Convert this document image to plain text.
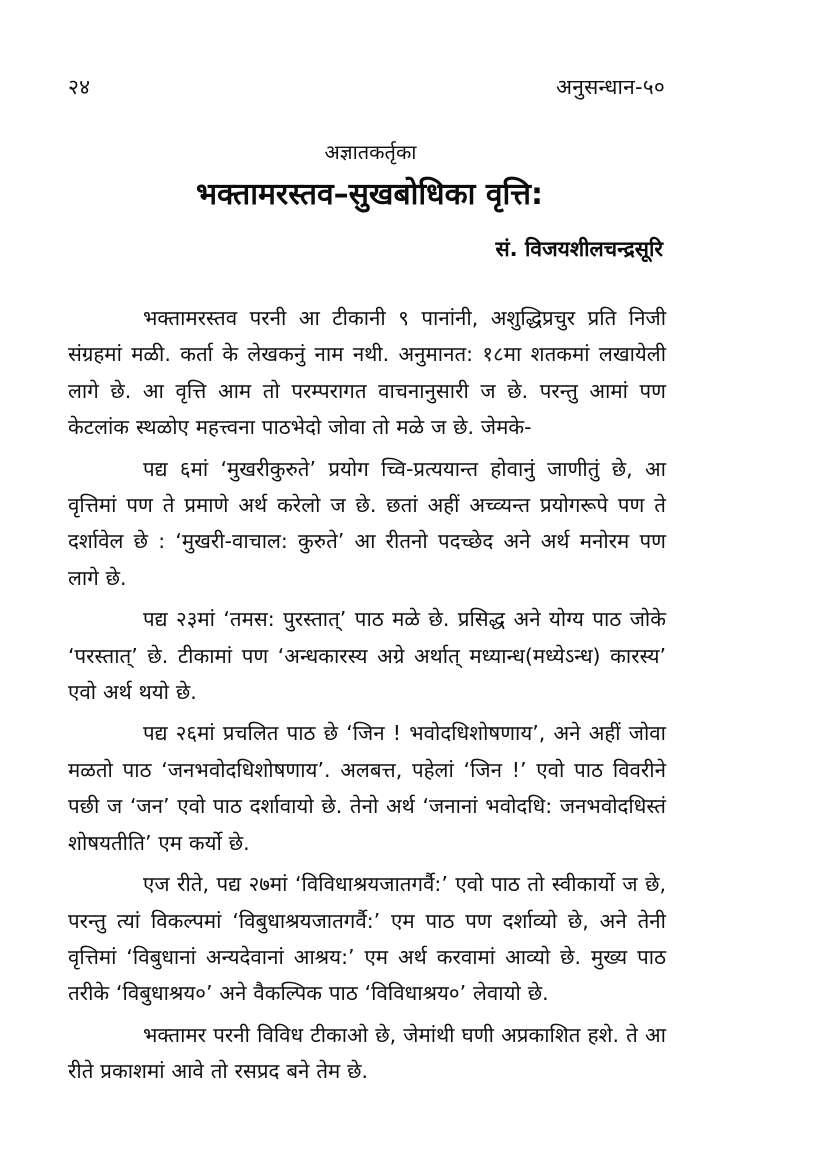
२४	अनुसन्धान-५०
अज्ञातकर्तृका
भक्तामरस्तव–सुखबोधिका वृत्ति:
सं. विजयशीलचन्द्रसूरि

भक्तामरस्तव परनी आ टीकानी ९ पानांनी, अशुद्धिप्रचुर प्रति निजी संग्रहमां मळी. कर्ता के लेखकनुं नाम नथी. अनुमानत: १८मा शतकमां लखायेली लागे छे. आ वृत्ति आम तो परम्परागत वाचनानुसारी ज छे. परन्तु आमां पण केटलांक स्थळोए महत्त्वना पाठभेदो जोवा तो मळे ज छे. जेमके-

पद्य ६मां ‘मुखरीकुरुते’ प्रयोग च्वि-प्रत्ययान्त होवानुं जाणीतुं छे, आ वृत्तिमां पण ते प्रमाणे अर्थ करेलो ज छे. छतां अहीं अच्व्यन्त प्रयोगरूपे पण ते दर्शावेल छे : ‘मुखरी-वाचाल: कुरुते’ आ रीतनो पदच्छेद अने अर्थ मनोरम पण लागे छे.

पद्य २३मां ‘तमस: पुरस्तात्’ पाठ मळे छे. प्रसिद्ध अने योग्य पाठ जोके ‘परस्तात्’ छे. टीकामां पण ‘अन्धकारस्य अग्रे अर्थात् मध्यान्ध(मध्येऽन्ध) कारस्य’ एवो अर्थ थयो छे.

पद्य २६मां प्रचलित पाठ छे ‘जिन ! भवोदधिशोषणाय’, अने अहीं जोवा मळतो पाठ ‘जनभवोदधिशोषणाय’. अलबत्त, पहेलां ‘जिन !’ एवो पाठ विवरीने पछी ज ‘जन’ एवो पाठ दर्शावायो छे. तेनो अर्थ ‘जनानां भवोदधि: जनभवोदधिस्तं शोषयतीति’ एम कर्यो छे.

एज रीते, पद्य २७मां ‘विविधाश्रयजातगर्वै:’ एवो पाठ तो स्वीकार्यो ज छे, परन्तु त्यां विकल्पमां ‘विबुधाश्रयजातगर्वै:’ एम पाठ पण दर्शाव्यो छे, अने तेनी वृत्तिमां ‘विबुधानां अन्यदेवानां आश्रय:’ एम अर्थ करवामां आव्यो छे. मुख्य पाठ तरीके ‘विबुधाश्रय०’ अने वैकल्पिक पाठ ‘विविधाश्रय०’ लेवायो छे.

भक्तामर परनी विविध टीकाओ छे, जेमांथी घणी अप्रकाशित हशे. ते आ रीते प्रकाशमां आवे तो रसप्रद बने तेम छे.
